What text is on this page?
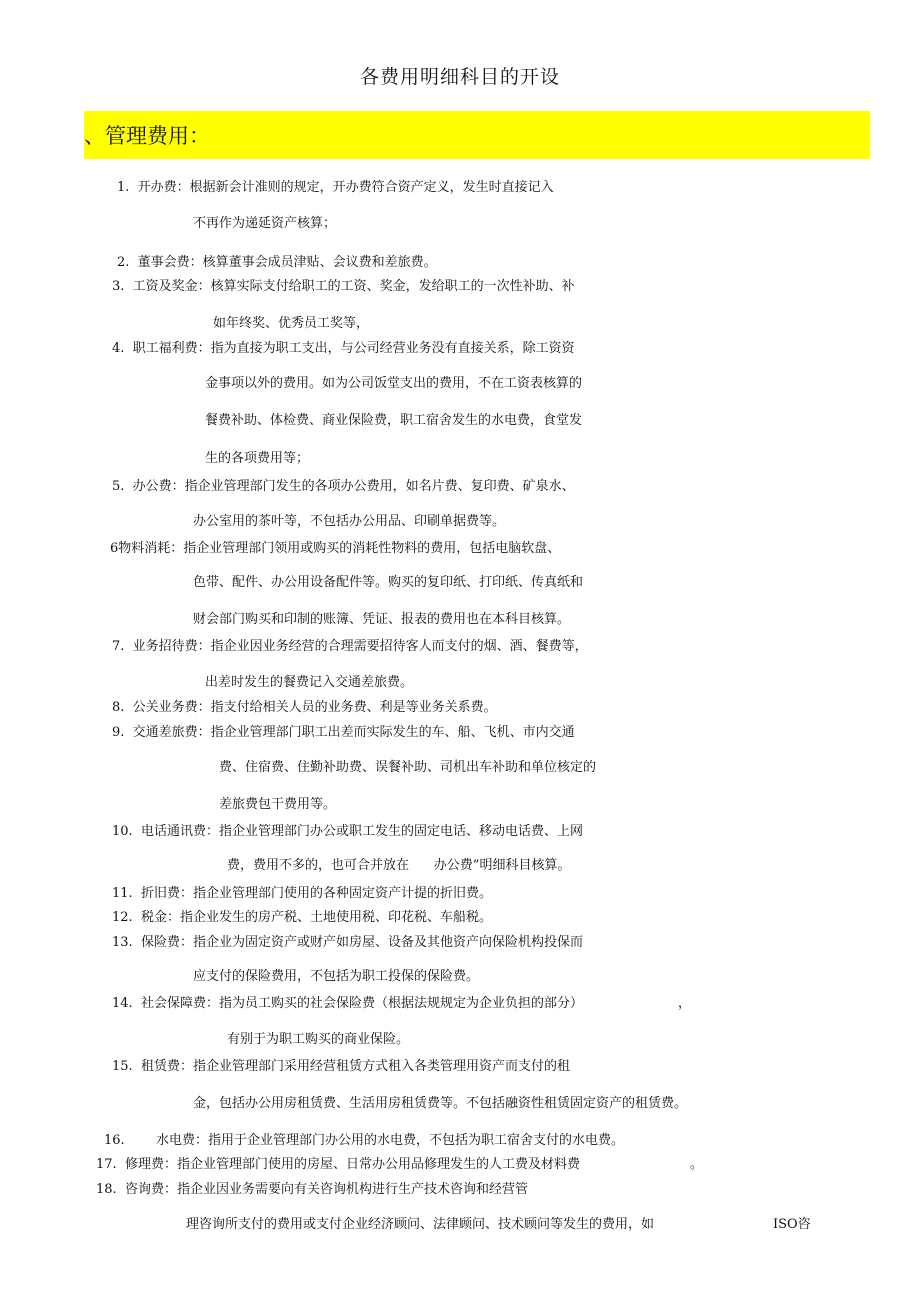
各费用明细科目的开设
、管理费用：
1.  开办费：根据新会计准则的规定，开办费符合资产定义，发生时直接记入
不再作为递延资产核算；
2.  董事会费：核算董事会成员津贴、会议费和差旅费。
3.  工资及奖金：核算实际支付给职工的工资、奖金，发给职工的一次性补助、补
如年终奖、优秀员工奖等，
4.  职工福利费：指为直接为职工支出，与公司经营业务没有直接关系，除工资资
金事项以外的费用。如为公司饭堂支出的费用，不在工资表核算的
餐费补助、体检费、商业保险费，职工宿舍发生的水电费，食堂发
生的各项费用等；
5.  办公费：指企业管理部门发生的各项办公费用，如名片费、复印费、矿泉水、
办公室用的茶叶等，不包括办公用品、印刷单据费等。
6物料消耗：指企业管理部门领用或购买的消耗性物料的费用，包括电脑软盘、
色带、配件、办公用设备配件等。购买的复印纸、打印纸、传真纸和
财会部门购买和印制的账簿、凭证、报表的费用也在本科目核算。
7.  业务招待费：指企业因业务经营的合理需要招待客人而支付的烟、酒、餐费等，
出差时发生的餐费记入交通差旅费。
8.  公关业务费：指支付给相关人员的业务费、利是等业务关系费。
9.  交通差旅费：指企业管理部门职工出差而实际发生的车、船、飞机、市内交通
费、住宿费、住勤补助费、误餐补助、司机出车补助和单位核定的
差旅费包干费用等。
10.  电话通讯费：指企业管理部门办公或职工发生的固定电话、移动电话费、上网
费，费用不多的，也可合并放在      办公费”明细科目核算。
11.  折旧费：指企业管理部门使用的各种固定资产计提的折旧费。
12.  税金：指企业发生的房产税、土地使用税、印花税、车船税。
13.  保险费：指企业为固定资产或财产如房屋、设备及其他资产向保险机构投保而
应支付的保险费用，不包括为职工投保的保险费。
14.  社会保障费：指为员工购买的社会保险费（根据法规规定为企业负担的部分）	，
有别于为职工购买的商业保险。
15.  租赁费：指企业管理部门采用经营租赁方式租入各类管理用资产而支付的租
金，包括办公用房租赁费、生活用房租赁费等。不包括融资性租赁固定资产的租赁费。
16. 水电费：指用于企业管理部门办公用的水电费，不包括为职工宿舍支付的水电费。
17.  修理费：指企业管理部门使用的房屋、日常办公用品修理发生的人工费及材料费	。
18.  咨询费：指企业因业务需要向有关咨询机构进行生产技术咨询和经营管
理咨询所支付的费用或支付企业经济顾问、法律顾问、技术顾问等发生的费用，如	ISO咨
